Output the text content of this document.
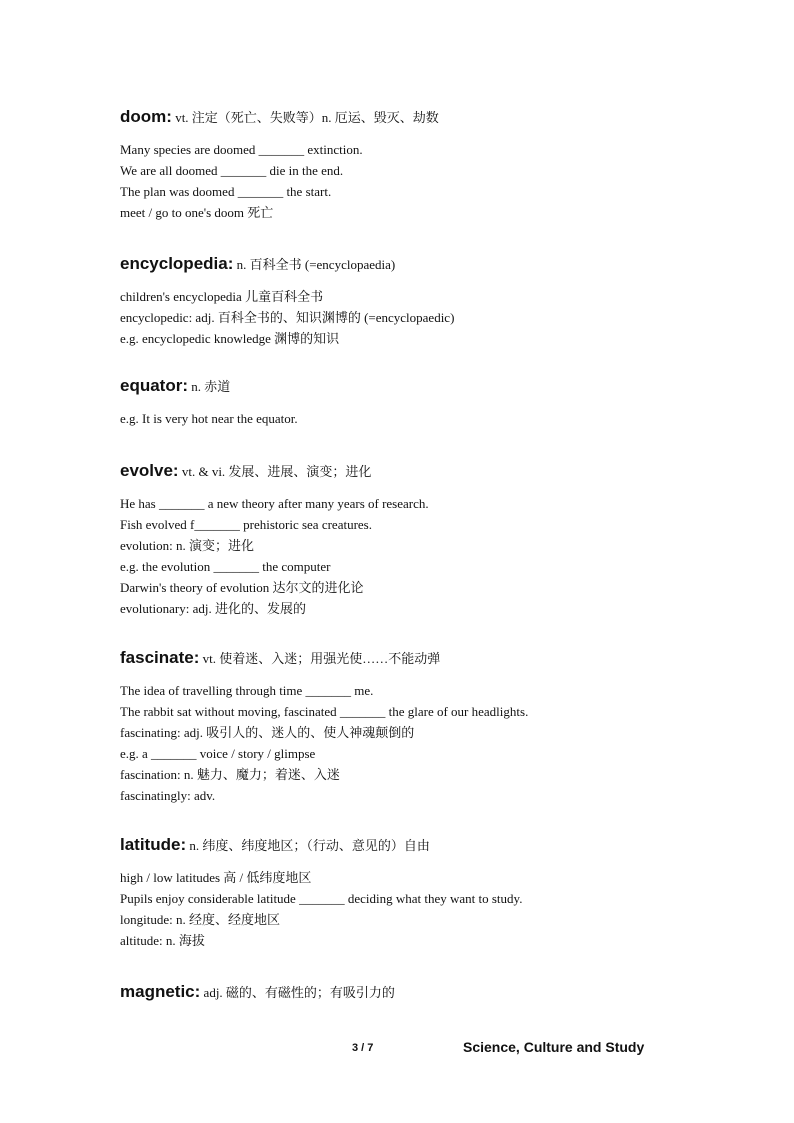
doom: vt. 注定（死亡、失败等）n. 厄运、毁灭、劫数
Many species are doomed _______ extinction.
We are all doomed _______ die in the end.
The plan was doomed _______ the start.
meet / go to one's doom 死亡
encyclopedia: n. 百科全书 (=encyclopaedia)
children's encyclopedia 儿童百科全书
encyclopedic: adj. 百科全书的、知识渊博的 (=encyclopaedic)
e.g. encyclopedic knowledge 渊博的知识
equator: n. 赤道
e.g. It is very hot near the equator.
evolve: vt. & vi. 发展、进展、演变；进化
He has _______ a new theory after many years of research.
Fish evolved f_______ prehistoric sea creatures.
evolution: n. 演变；进化
e.g. the evolution _______ the computer
Darwin's theory of evolution 达尔文的进化论
evolutionary: adj. 进化的、发展的
fascinate: vt. 使着迷、入迷；用强光使……不能动弹
The idea of travelling through time _______ me.
The rabbit sat without moving, fascinated _______ the glare of our headlights.
fascinating: adj. 吸引人的、迷人的、使人神魂颠倒的
e.g. a _______ voice / story / glimpse
fascination: n. 魅力、魔力；着迷、入迷
fascinatingly: adv.
latitude: n. 纬度、纬度地区；（行动、意见的）自由
high / low latitudes 高 / 低纬度地区
Pupils enjoy considerable latitude _______ deciding what they want to study.
longitude: n. 经度、经度地区
altitude: n. 海拔
magnetic: adj. 磁的、有磁性的；有吸引力的
3 / 7	Science, Culture and Study
